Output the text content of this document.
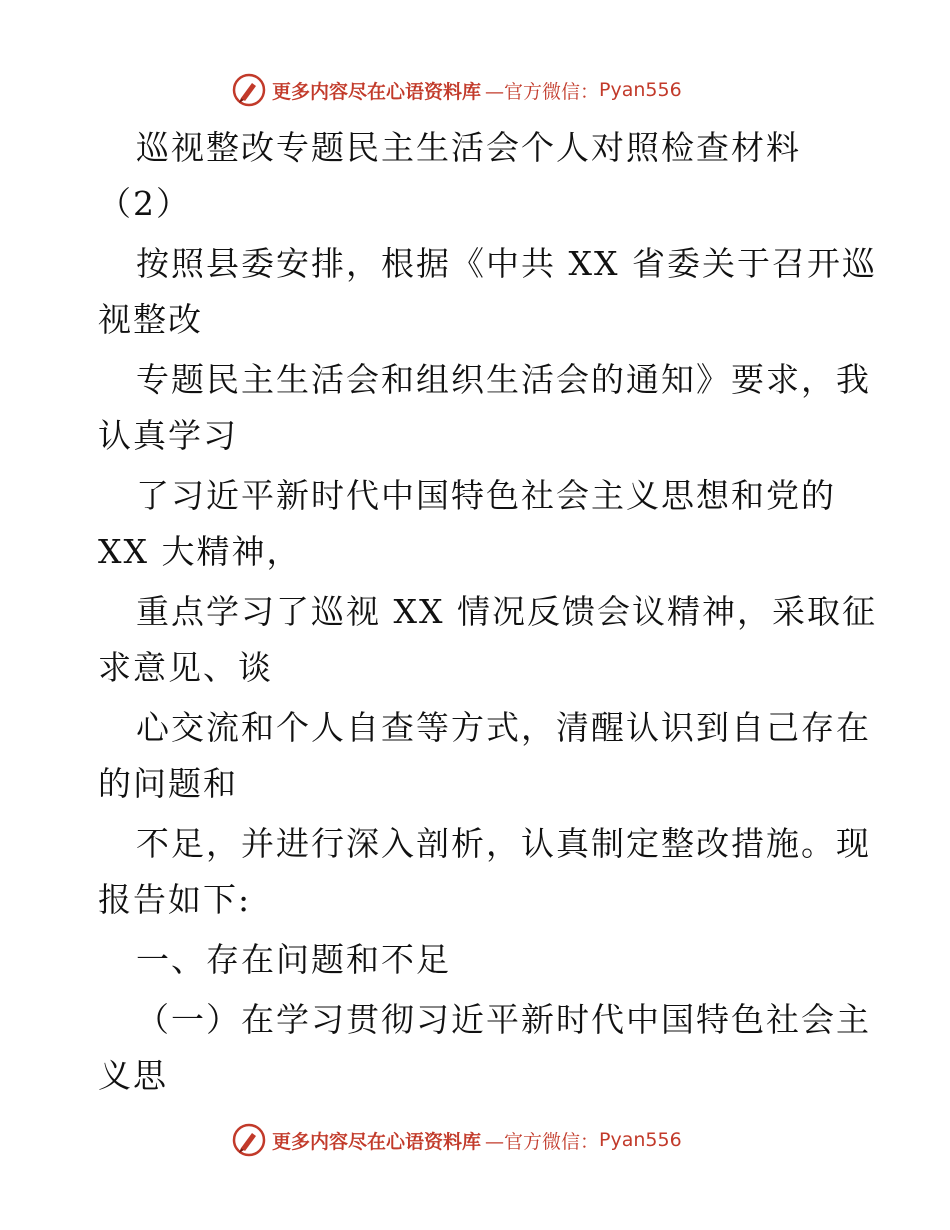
更多内容尽在心语资料库 —官方微信： Pyan556
巡视整改专题民主生活会个人对照检查材料
（2）
按照县委安排，根据《中共 XX 省委关于召开巡
视整改
专题民主生活会和组织生活会的通知》要求，我
认真学习
了习近平新时代中国特色社会主义思想和党的
XX 大精神，
重点学习了巡视 XX 情况反馈会议精神，采取征
求意见、谈
心交流和个人自查等方式，清醒认识到自己存在
的问题和
不足，并进行深入剖析，认真制定整改措施。现
报告如下:
一、存在问题和不足
（一）在学习贯彻习近平新时代中国特色社会主
义思
更多内容尽在心语资料库 —官方微信： Pyan556
